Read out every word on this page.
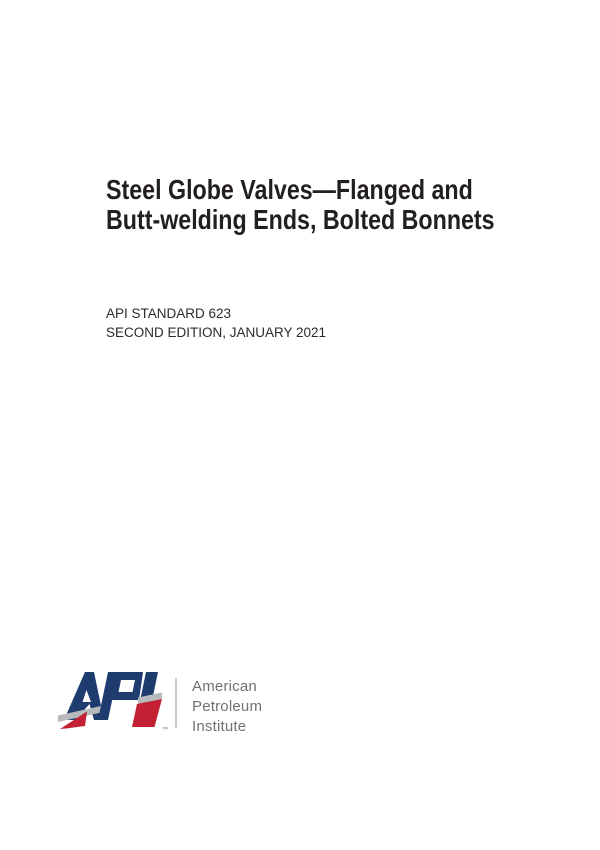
Steel Globe Valves—Flanged and
Butt-welding Ends, Bolted Bonnets
API STANDARD 623
SECOND EDITION, JANUARY 2021
™
American
Petroleum
Institute
